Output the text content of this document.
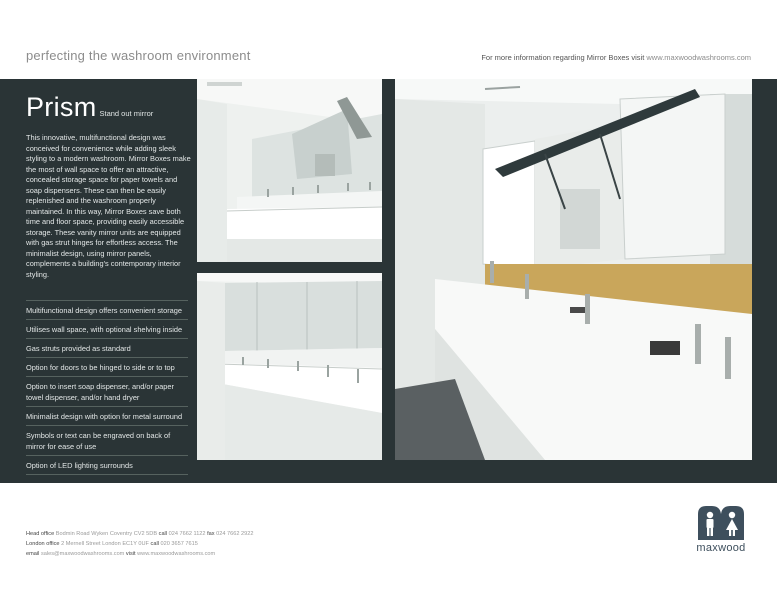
perfecting the washroom environment	For more information regarding Mirror Boxes visit www.maxwoodwashrooms.com
Prism Stand out mirror

This innovative, multifunctional design was conceived for convenience while adding sleek styling to a modern washroom. Mirror Boxes make the most of wall space to offer an attractive, concealed storage space for paper towels and soap dispensers. These can then be easily replenished and the washroom properly maintained. In this way, Mirror Boxes save both time and floor space, providing easily accessible storage. These vanity mirror units are equipped with gas strut hinges for effortless access. The minimalist design, using mirror panels, complements a building's contemporary interior styling.

Multifunctional design offers convenient storage
Utilises wall space, with optional shelving inside
Gas struts provided as standard
Option for doors to be hinged to side or to top
Option to insert soap dispenser, and/or paper towel dispenser, and/or hand dryer
Minimalist design with option for metal surround
Symbols or text can be engraved on back of mirror for ease of use
Option of LED lighting surrounds
Head office Bodmin Road Wyken Coventry CV2 5DB call 024 7662 1122 fax 024 7662 2922
London office 2 Mernell Street London EC1Y 0UF call 020 3657 7615
email sales@maxwoodwashrooms.com visit www.maxwoodwashrooms.com	maxwood
